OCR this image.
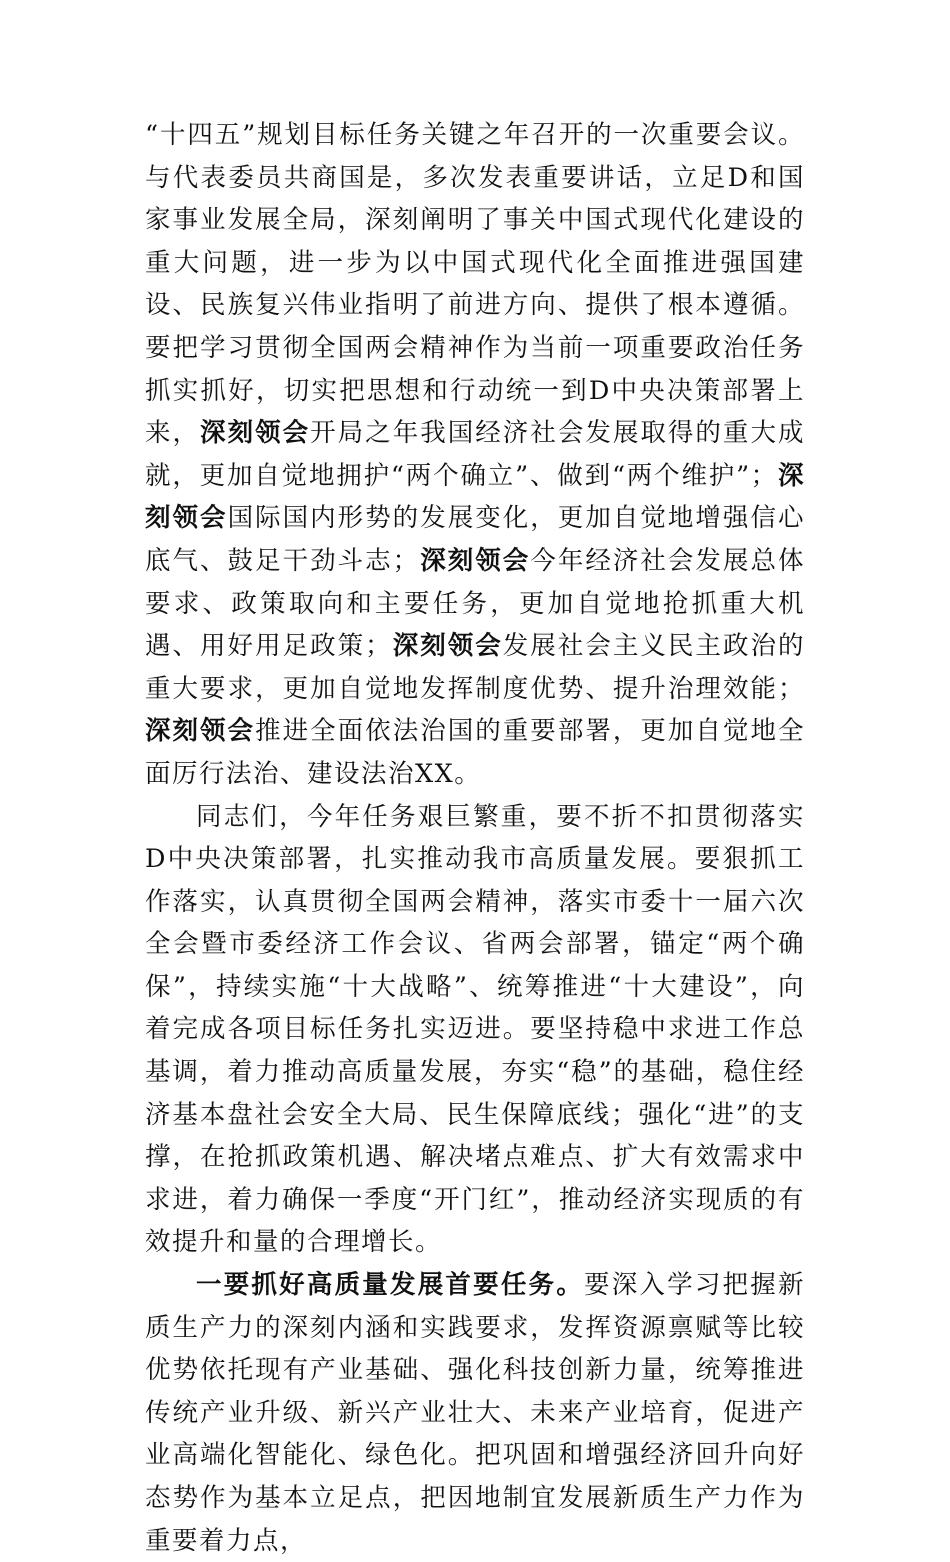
“十四五”规划目标任务关键之年召开的一次重要会议。与代表委员共商国是，多次发表重要讲话，立足D和国家事业发展全局，深刻阐明了事关中国式现代化建设的重大问题，进一步为以中国式现代化全面推进强国建设、民族复兴伟业指明了前进方向、提供了根本遵循。要把学习贯彻全国两会精神作为当前一项重要政治任务抓实抓好，切实把思想和行动统一到D中央决策部署上来，深刻领会开局之年我国经济社会发展取得的重大成就，更加自觉地拥护“两个确立”、做到“两个维护”；深刻领会国际国内形势的发展变化，更加自觉地增强信心底气、鼓足干劲斗志；深刻领会今年经济社会发展总体要求、政策取向和主要任务，更加自觉地抢抓重大机遇、用好用足政策；深刻领会发展社会主义民主政治的重大要求，更加自觉地发挥制度优势、提升治理效能；深刻领会推进全面依法治国的重要部署，更加自觉地全面厉行法治、建设法治XX。

同志们，今年任务艰巨繁重，要不折不扣贯彻落实D中央决策部署，扎实推动我市高质量发展。要狠抓工作落实，认真贯彻全国两会精神，落实市委十一届六次全会暨市委经济工作会议、省两会部署，锚定“两个确保”，持续实施“十大战略”、统筹推进“十大建设”，向着完成各项目标任务扎实迈进。要坚持稳中求进工作总基调，着力推动高质量发展，夯实“稳”的基础，稳住经济基本盘社会安全大局、民生保障底线；强化“进”的支撑，在抢抓政策机遇、解决堵点难点、扩大有效需求中求进，着力确保一季度“开门红”，推动经济实现质的有效提升和量的合理增长。

一要抓好高质量发展首要任务。要深入学习把握新质生产力的深刻内涵和实践要求，发挥资源禀赋等比较优势依托现有产业基础、强化科技创新力量，统筹推进传统产业升级、新兴产业壮大、未来产业培育，促进产业高端化智能化、绿色化。把巩固和增强经济回升向好态势作为基本立足点，把因地制宜发展新质生产力作为重要着力点，
